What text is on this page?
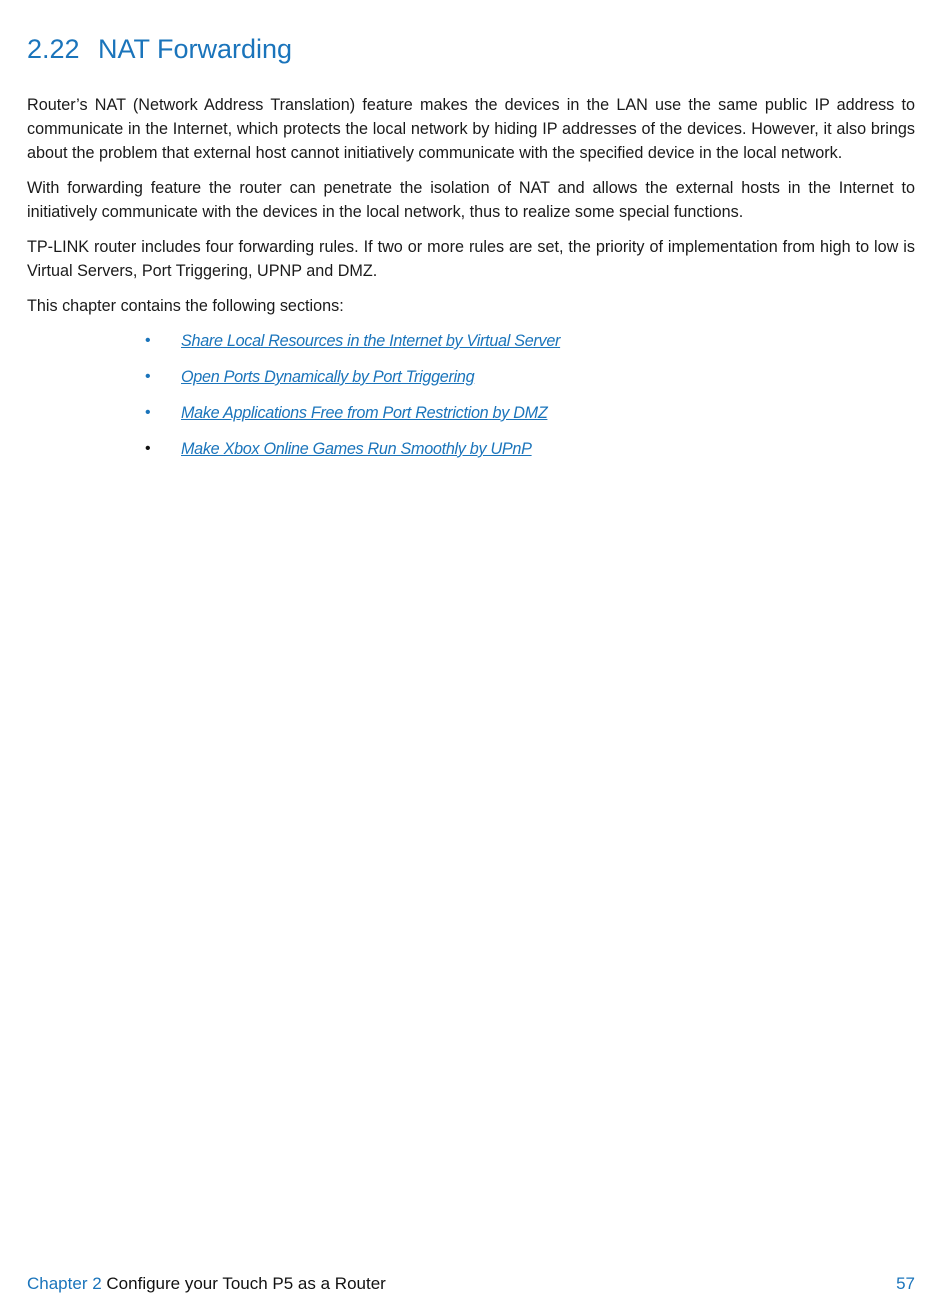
2.22 NAT Forwarding

Router’s NAT (Network Address Translation) feature makes the devices in the LAN use the same public IP address to communicate in the Internet, which protects the local network by hiding IP addresses of the devices. However, it also brings about the problem that external host cannot initiatively communicate with the specified device in the local network.

With forwarding feature the router can penetrate the isolation of NAT and allows the external hosts in the Internet to initiatively communicate with the devices in the local network, thus to realize some special functions.

TP-LINK router includes four forwarding rules. If two or more rules are set, the priority of implementation from high to low is Virtual Servers, Port Triggering, UPNP and DMZ.

This chapter contains the following sections:

• Share Local Resources in the Internet by Virtual Server
• Open Ports Dynamically by Port Triggering
• Make Applications Free from Port Restriction by DMZ
• Make Xbox Online Games Run Smoothly by UPnP
Chapter 2 Configure your Touch P5 as a Router	57
